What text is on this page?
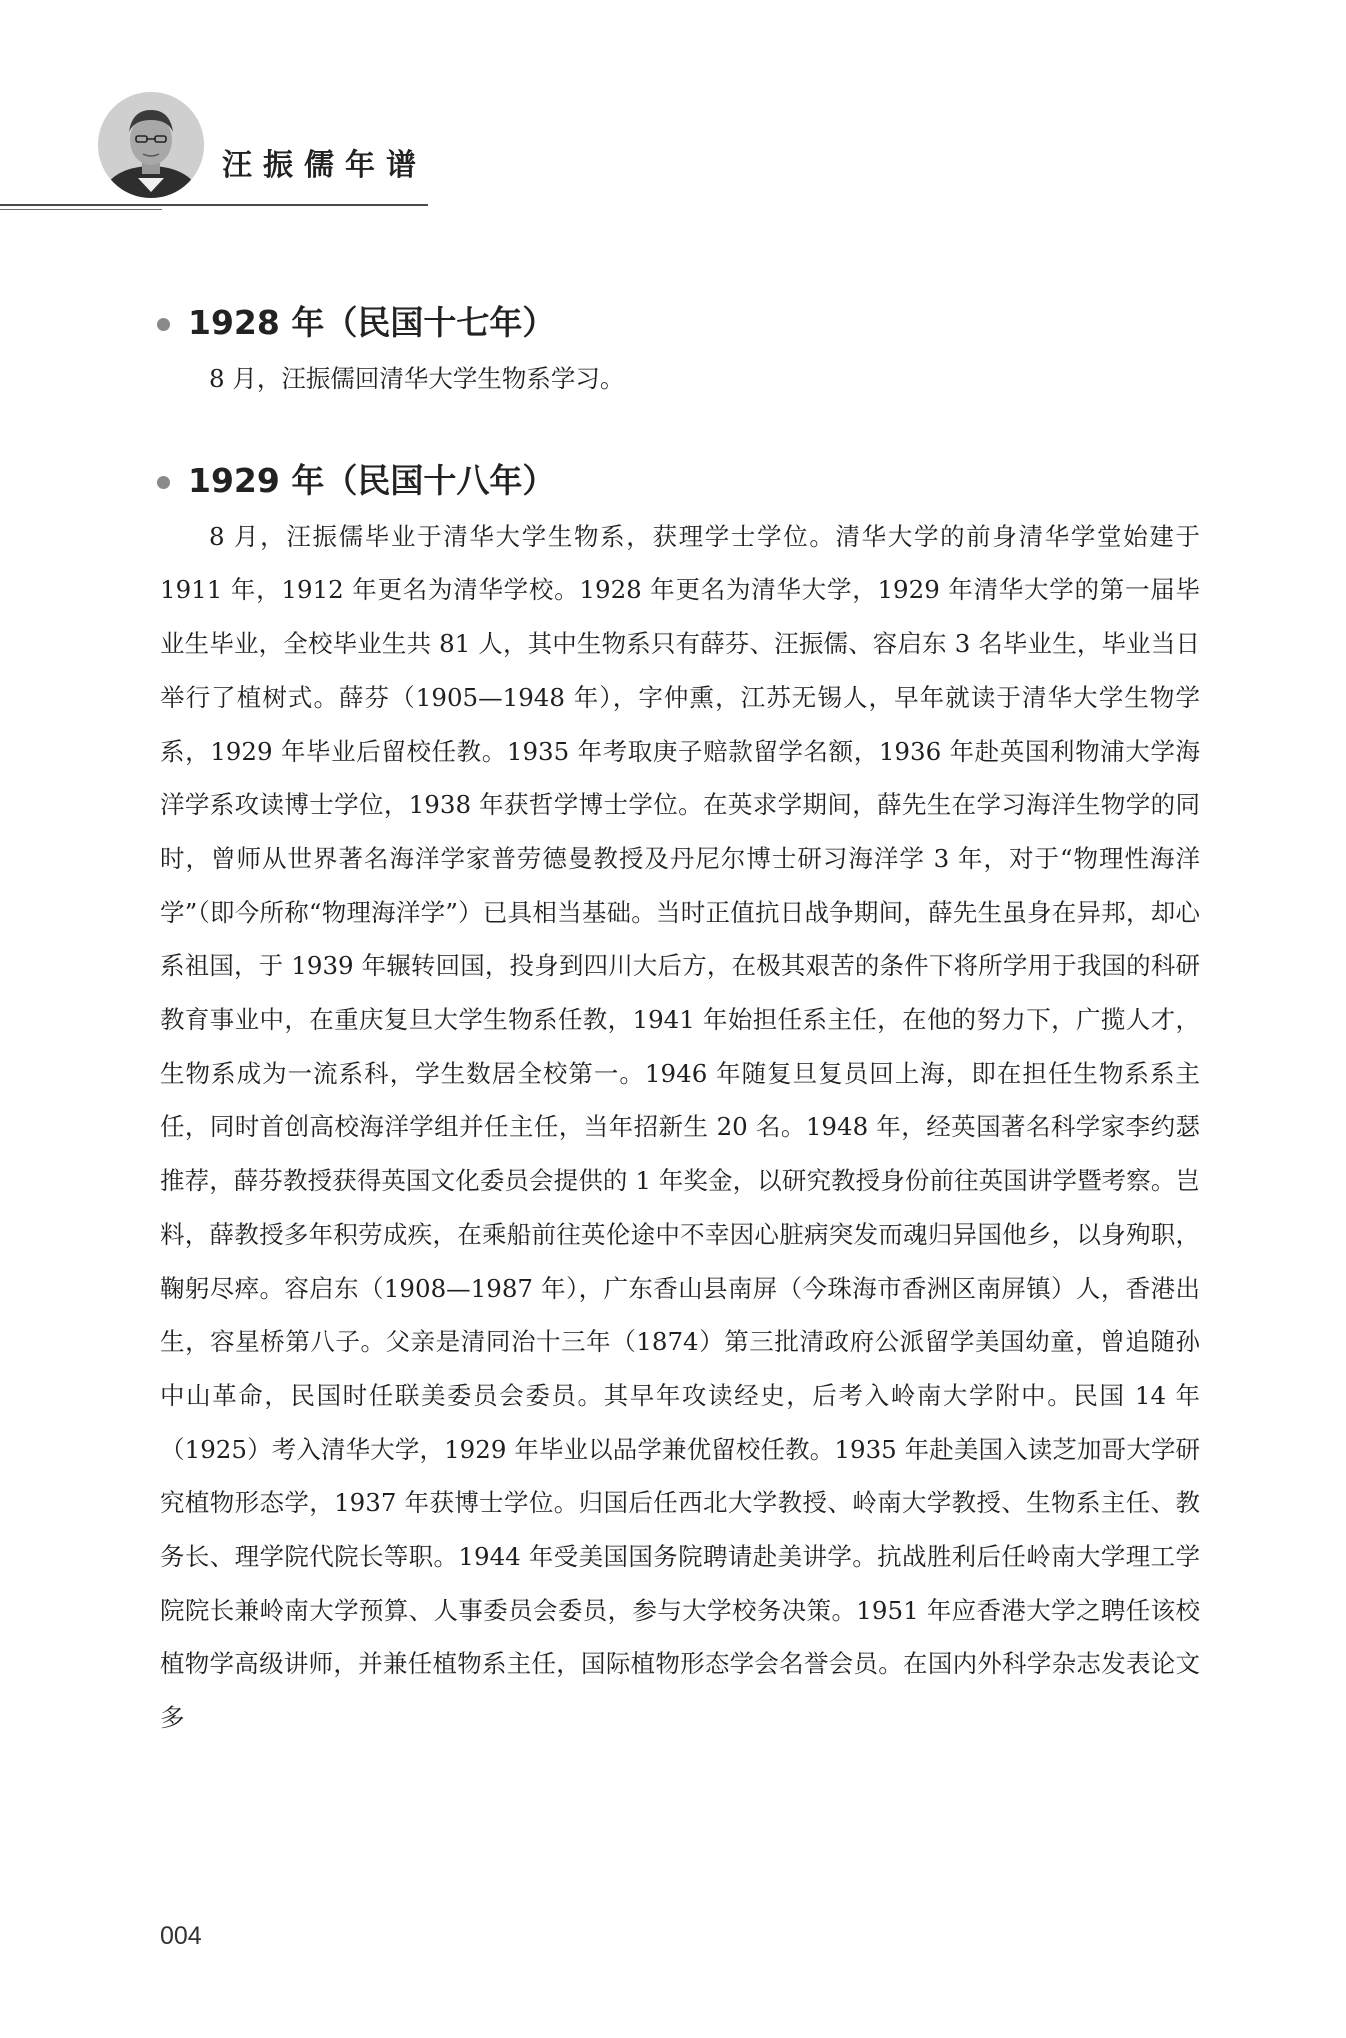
汪振儒年谱
1928 年（民国十七年）

8 月，汪振儒回清华大学生物系学习。

1929 年（民国十八年）

8 月，汪振儒毕业于清华大学生物系，获理学士学位。清华大学的前身清华学堂始建于 1911 年，1912 年更名为清华学校。1928 年更名为清华大学，1929 年清华大学的第一届毕业生毕业，全校毕业生共 81 人，其中生物系只有薛芬、汪振儒、容启东 3 名毕业生，毕业当日举行了植树式。薛芬（1905—1948 年），字仲熏，江苏无锡人，早年就读于清华大学生物学系，1929 年毕业后留校任教。1935 年考取庚子赔款留学名额，1936 年赴英国利物浦大学海洋学系攻读博士学位，1938 年获哲学博士学位。在英求学期间，薛先生在学习海洋生物学的同时，曾师从世界著名海洋学家普劳德曼教授及丹尼尔博士研习海洋学 3 年，对于“物理性海洋学”（即今所称“物理海洋学”）已具相当基础。当时正值抗日战争期间，薛先生虽身在异邦，却心系祖国，于 1939 年辗转回国，投身到四川大后方，在极其艰苦的条件下将所学用于我国的科研教育事业中，在重庆复旦大学生物系任教，1941 年始担任系主任，在他的努力下，广揽人才，生物系成为一流系科，学生数居全校第一。1946 年随复旦复员回上海，即在担任生物系系主任，同时首创高校海洋学组并任主任，当年招新生 20 名。1948 年，经英国著名科学家李约瑟推荐，薛芬教授获得英国文化委员会提供的 1 年奖金，以研究教授身份前往英国讲学暨考察。岂料，薛教授多年积劳成疾，在乘船前往英伦途中不幸因心脏病突发而魂归异国他乡，以身殉职，鞠躬尽瘁。容启东（1908—1987 年），广东香山县南屏（今珠海市香洲区南屏镇）人，香港出生，容星桥第八子。父亲是清同治十三年（1874）第三批清政府公派留学美国幼童，曾追随孙中山革命，民国时任联美委员会委员。其早年攻读经史，后考入岭南大学附中。民国 14 年（1925）考入清华大学，1929 年毕业以品学兼优留校任教。1935 年赴美国入读芝加哥大学研究植物形态学，1937 年获博士学位。归国后任西北大学教授、岭南大学教授、生物系主任、教务长、理学院代院长等职。1944 年受美国国务院聘请赴美讲学。抗战胜利后任岭南大学理工学院院长兼岭南大学预算、人事委员会委员，参与大学校务决策。1951 年应香港大学之聘任该校植物学高级讲师，并兼任植物系主任，国际植物形态学会名誉会员。在国内外科学杂志发表论文多

004
